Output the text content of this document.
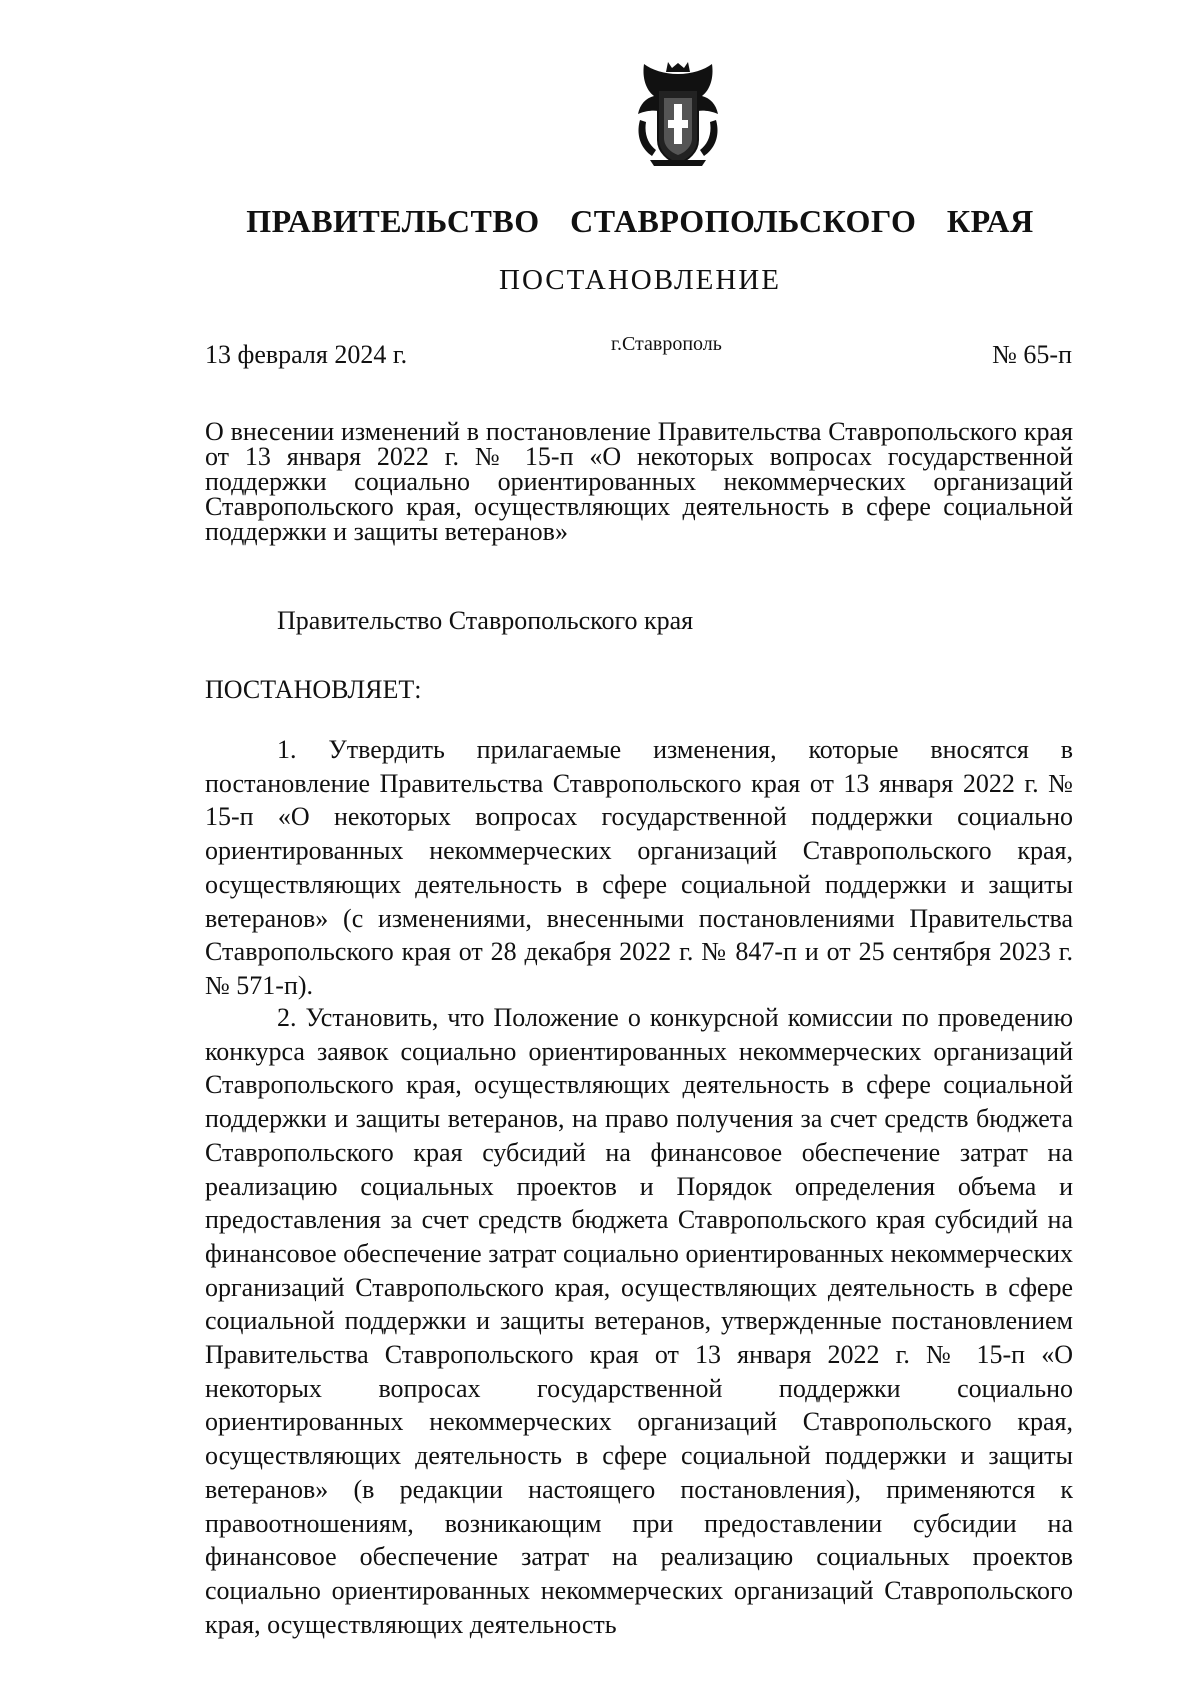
ПРАВИТЕЛЬСТВО СТАВРОПОЛЬСКОГО КРАЯ
ПОСТАНОВЛЕНИЕ
13 февраля 2024 г.	г.Ставрополь	№ 65-п

О внесении изменений в постановление Правительства Ставропольского края от 13 января 2022 г. № 15-п «О некоторых вопросах государственной поддержки социально ориентированных некоммерческих организаций Ставропольского края, осуществляющих деятельность в сфере социальной поддержки и защиты ветеранов»

Правительство Ставропольского края
ПОСТАНОВЛЯЕТ:

1. Утвердить прилагаемые изменения, которые вносятся в постановление Правительства Ставропольского края от 13 января 2022 г. № 15-п «О некоторых вопросах государственной поддержки социально ориентированных некоммерческих организаций Ставропольского края, осуществляющих деятельность в сфере социальной поддержки и защиты ветеранов» (с изменениями, внесенными постановлениями Правительства Ставропольского края от 28 декабря 2022 г. № 847-п и от 25 сентября 2023 г. № 571-п).

2. Установить, что Положение о конкурсной комиссии по проведению конкурса заявок социально ориентированных некоммерческих организаций Ставропольского края, осуществляющих деятельность в сфере социальной поддержки и защиты ветеранов, на право получения за счет средств бюджета Ставропольского края субсидий на финансовое обеспечение затрат на реализацию социальных проектов и Порядок определения объема и предоставления за счет средств бюджета Ставропольского края субсидий на финансовое обеспечение затрат социально ориентированных некоммерческих организаций Ставропольского края, осуществляющих деятельность в сфере социальной поддержки и защиты ветеранов, утвержденные постановлением Правительства Ставропольского края от 13 января 2022 г. № 15-п «О некоторых вопросах государственной поддержки социально ориентированных некоммерческих организаций Ставропольского края, осуществляющих деятельность в сфере социальной поддержки и защиты ветеранов» (в редакции настоящего постановления), применяются к правоотношениям, возникающим при предоставлении субсидии на финансовое обеспечение затрат на реализацию социальных проектов социально ориентированных некоммерческих организаций Ставропольского края, осуществляющих деятельность
